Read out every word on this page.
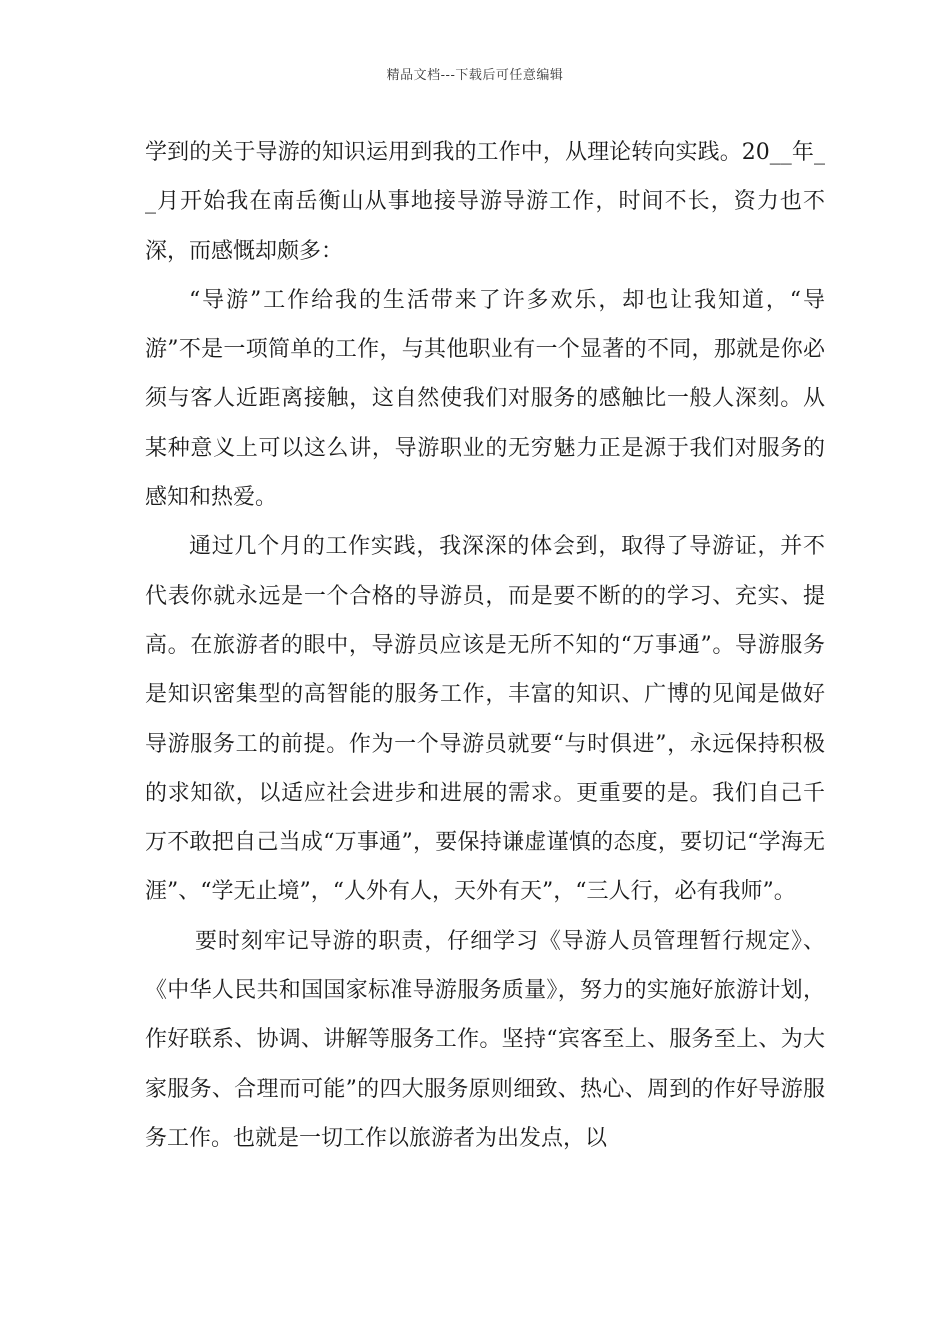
精品文档---下载后可任意编辑

学到的关于导游的知识运用到我的工作中，从理论转向实践。20__年__月开始我在南岳衡山从事地接导游导游工作，时间不长，资力也不深，而感慨却颇多：

“导游”工作给我的生活带来了许多欢乐，却也让我知道，“导游”不是一项简单的工作，与其他职业有一个显著的不同，那就是你必须与客人近距离接触，这自然使我们对服务的感触比一般人深刻。从某种意义上可以这么讲，导游职业的无穷魅力正是源于我们对服务的感知和热爱。

通过几个月的工作实践，我深深的体会到，取得了导游证，并不代表你就永远是一个合格的导游员，而是要不断的的学习、充实、提高。在旅游者的眼中，导游员应该是无所不知的“万事通”。导游服务是知识密集型的高智能的服务工作，丰富的知识、广博的见闻是做好导游服务工的前提。作为一个导游员就要“与时俱进”，永远保持积极的求知欲，以适应社会进步和进展的需求。更重要的是。我们自己千万不敢把自己当成“万事通”，要保持谦虚谨慎的态度，要切记“学海无涯”、“学无止境”，“人外有人，天外有天”，“三人行，必有我师”。

要时刻牢记导游的职责，仔细学习《导游人员管理暂行规定》、《中华人民共和国国家标准导游服务质量》，努力的实施好旅游计划，作好联系、协调、讲解等服务工作。坚持“宾客至上、服务至上、为大家服务、合理而可能”的四大服务原则细致、热心、周到的作好导游服务工作。也就是一切工作以旅游者为出发点，以
